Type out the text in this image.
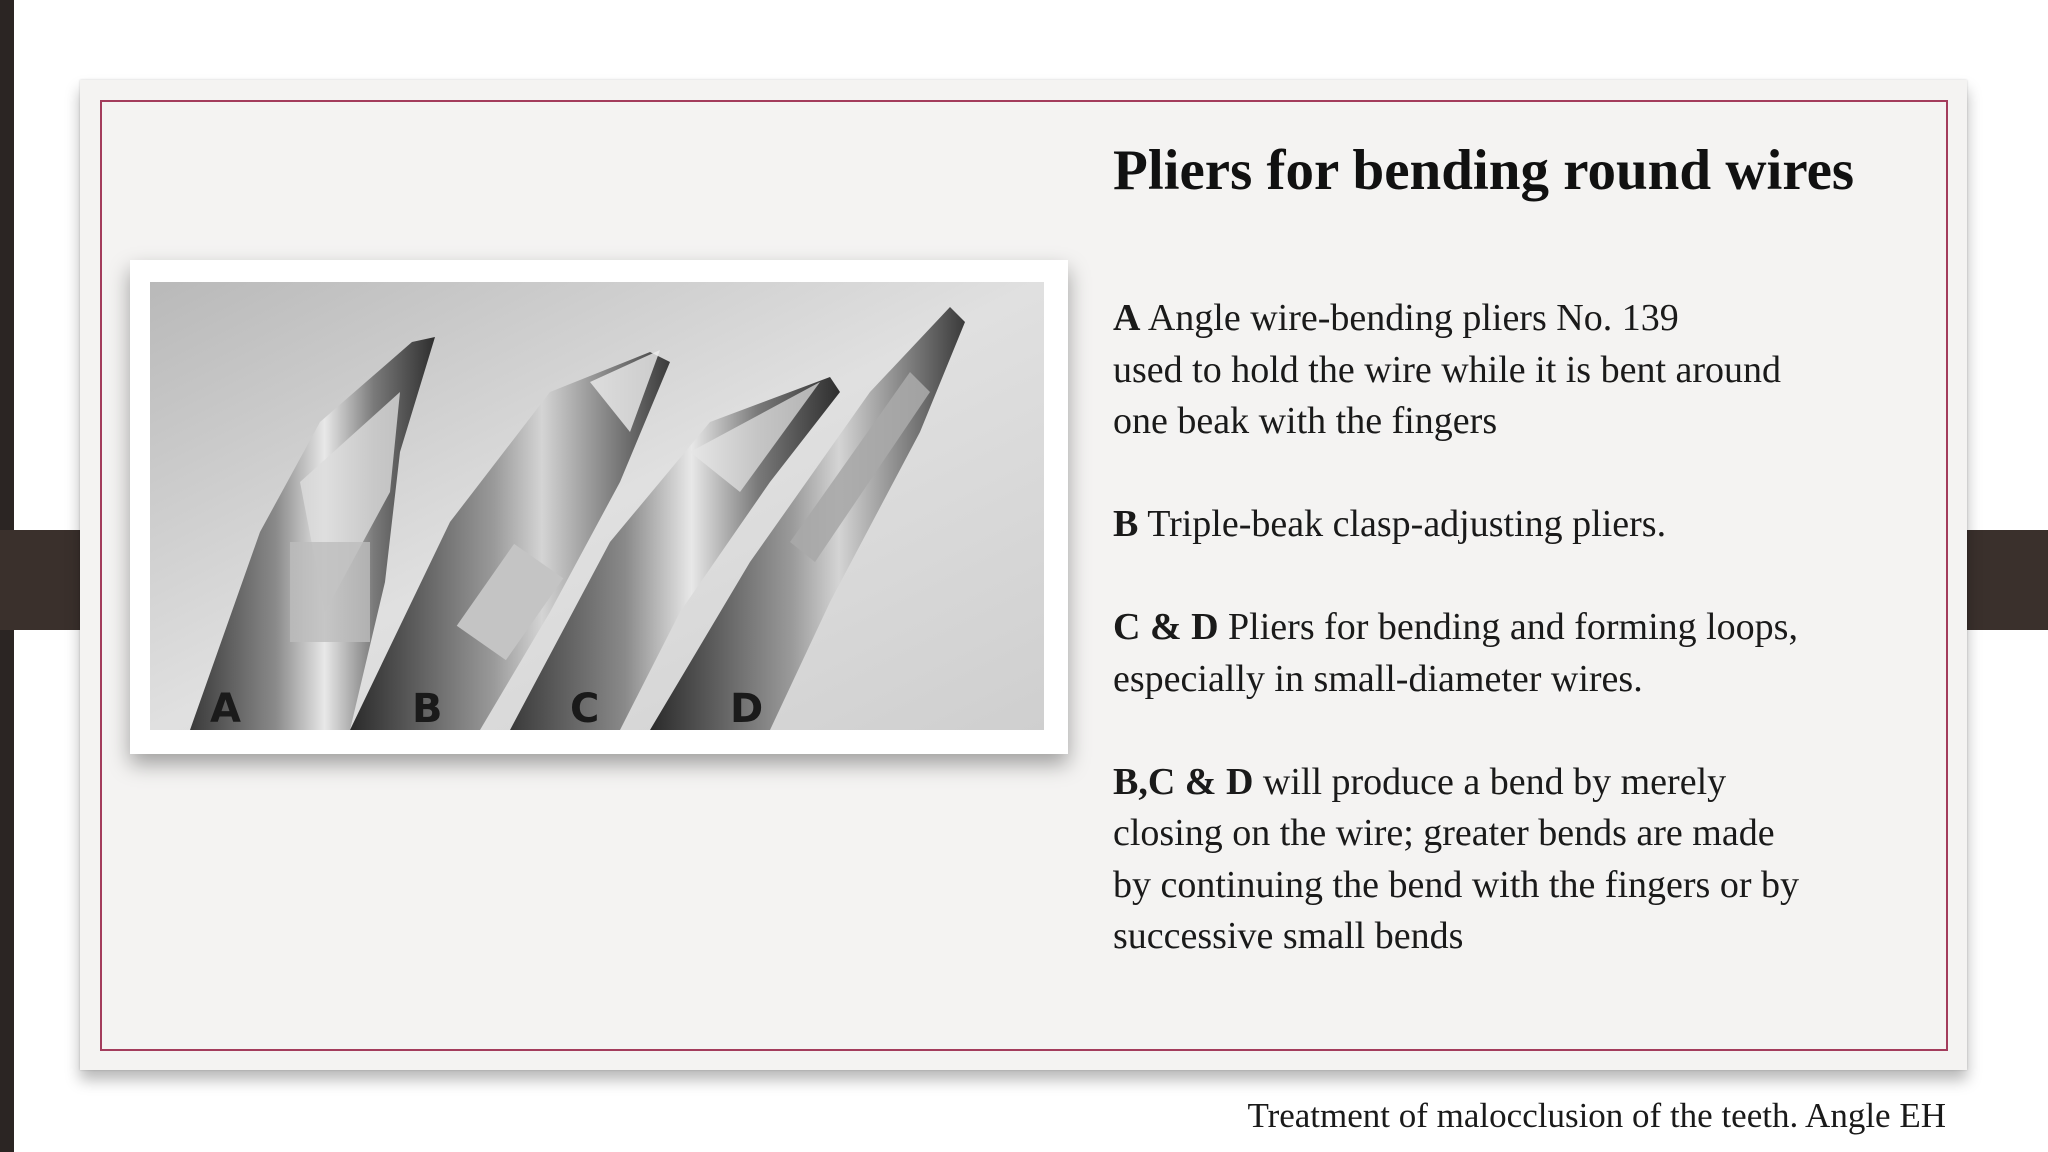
A	B	C	D
Pliers for bending round wires
A Angle wire-bending pliers No. 139
used to hold the wire while it is bent around
one beak with the fingers
B Triple-beak clasp-adjusting pliers.
C & D Pliers for bending and forming loops,
especially in small-diameter wires.
B,C & D will produce a bend by merely
closing on the wire; greater bends are made
by continuing the bend with the fingers or by
successive small bends
Treatment of malocclusion of the teeth. Angle EH
